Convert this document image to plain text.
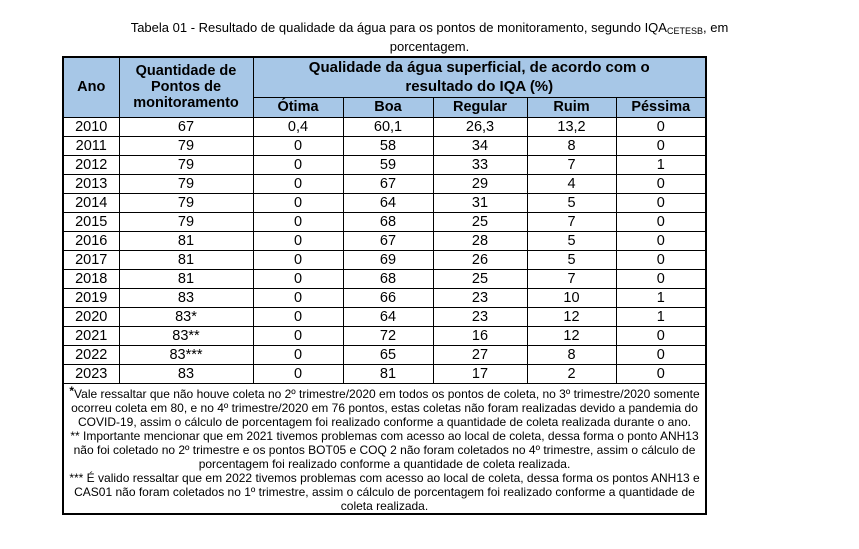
Tabela 01 - Resultado de qualidade da água para os pontos de monitoramento, segundo $IQA_{CETESB}$, em
porcentagem.
Ano	Quantidade de Pontos de monitoramento	Qualidade da água superficial, de acordo com o
resultado do IQA (%)				

		Ótima	Boa	Regular	Ruim	Péssima
2010	67	0,4	60,1	26,3	13,2	0
2011	79	0	58	34	8	0
2012	79	0	59	33	7	1
2013	79	0	67	29	4	0
2014	79	0	64	31	5	0
2015	79	0	68	25	7	0
2016	81	0	67	28	5	0
2017	81	0	69	26	5	0
2018	81	0	68	25	7	0
2019	83	0	66	23	10	1
2020	83*	0	64	23	12	1
2021	83**	0	72	16	12	0
2022	83***	0	65	27	8	0
2023	83	0	81	17	2	0

*Vale ressaltar que não houve coleta no 2º trimestre/2020 em todos os pontos de coleta, no 3º trimestre/2020 somente ocorreu coleta em 80, e no 4º trimestre/2020 em 76 pontos, estas coletas não foram realizadas devido a pandemia do COVID-19, assim o cálculo de porcentagem foi realizado conforme a quantidade de coleta realizada durante o ano.

** Importante mencionar que em 2021 tivemos problemas com acesso ao local de coleta, dessa forma o ponto ANH13 não foi coletado no 2º trimestre e os pontos BOT05 e COQ 2 não foram coletados no 4º trimestre, assim o cálculo de porcentagem foi realizado conforme a quantidade de coleta realizada.

*** É valido ressaltar que em 2022 tivemos problemas com acesso ao local de coleta, dessa forma os pontos ANH13 e CAS01 não foram coletados no 1º trimestre, assim o cálculo de porcentagem foi realizado conforme a quantidade de coleta realizada.						
